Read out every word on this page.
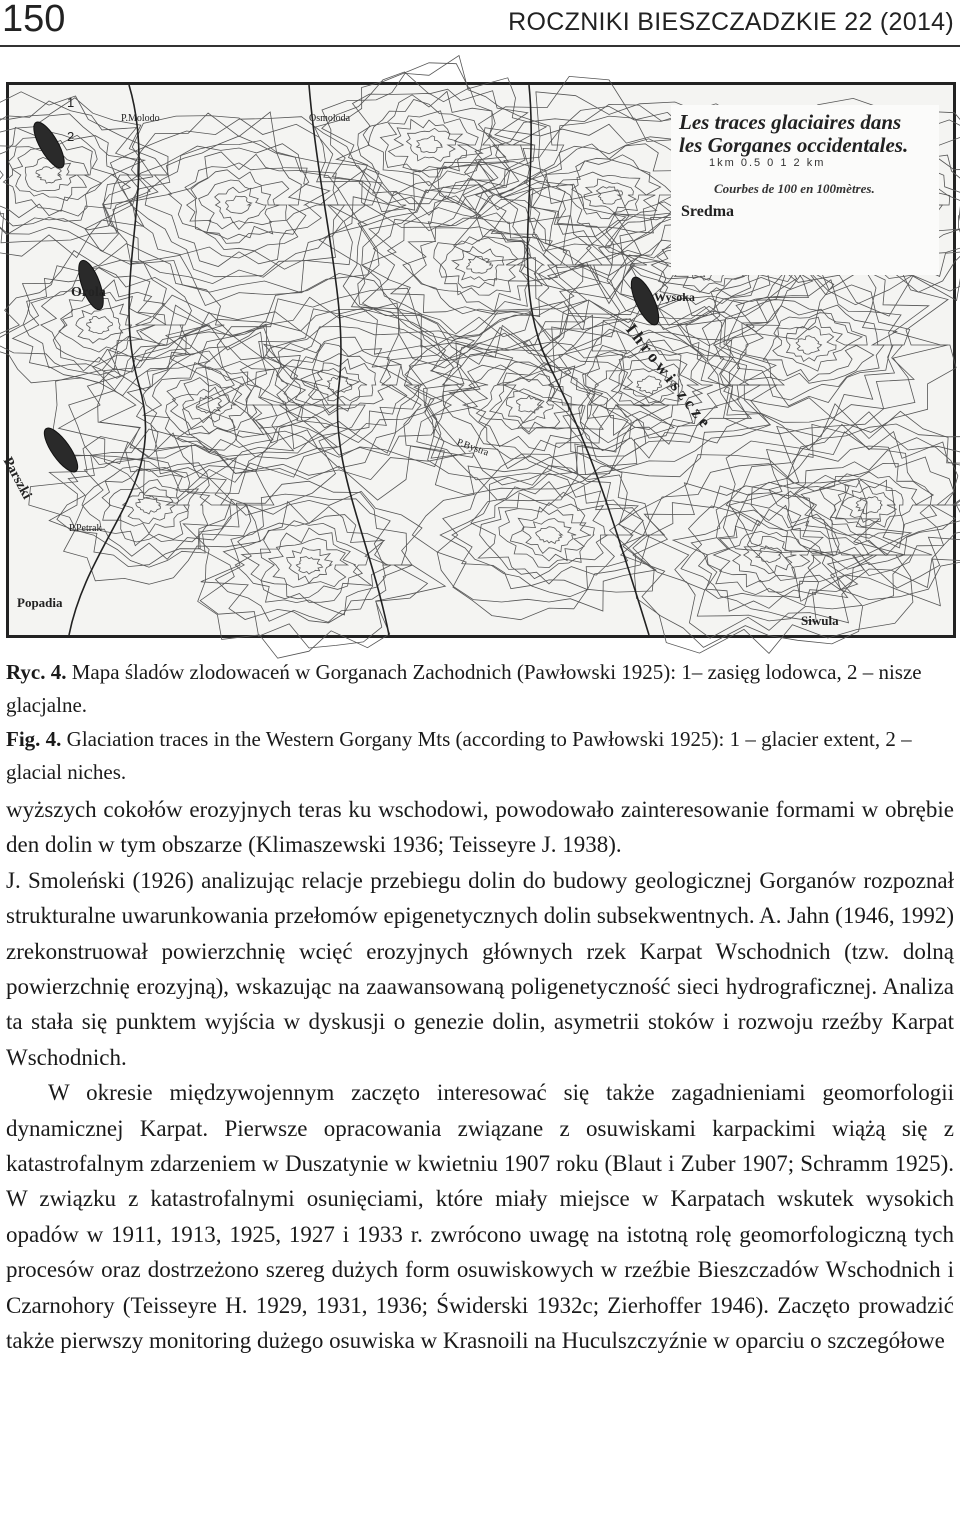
150	ROCZNIKI BIESZCZADZKIE 22 (2014)
Les traces glaciaires dans
les Gorganes occidentales.
1km 0.5 0 1 2 km
Courbes de 100 en 100mètres.
1
2
Sredma
Orola	Wysoka
Parszki
Popadia
Siwula
Ihrowiszcze
P.Molodo	Osmoloda
P.Bystra
P.Petrak
Ryc. 4. Mapa śladów zlodowaceń w Gorganach Zachodnich (Pawłowski 1925): 1– zasięg lodowca, 2 – nisze glacjalne.
Fig. 4. Glaciation traces in the Western Gorgany Mts (according to Pawłowski 1925): 1 – glacier extent, 2 – glacial niches.

wyższych cokołów erozyjnych teras ku wschodowi, powodowało zainteresowanie formami w obrębie den dolin w tym obszarze (Klimaszewski 1936; Teisseyre J. 1938).

J. Smoleński (1926) analizując relacje przebiegu dolin do budowy geologicznej Gorganów rozpoznał strukturalne uwarunkowania przełomów epigenetycznych dolin subsekwentnych. A. Jahn (1946, 1992) zrekonstruował powierzchnię wcięć erozyjnych głównych rzek Karpat Wschodnich (tzw. dolną powierzchnię erozyjną), wskazując na zaawansowaną poligenetyczność sieci hydrograficznej. Analiza ta stała się punktem wyjścia w dyskusji o genezie dolin, asymetrii stoków i rozwoju rzeźby Karpat Wschodnich.

W okresie międzywojennym zaczęto interesować się także zagadnieniami geomorfologii dynamicznej Karpat. Pierwsze opracowania związane z osuwiskami karpackimi wiążą się z katastrofalnym zdarzeniem w Duszatynie w kwietniu 1907 roku (Blaut i Zuber 1907; Schramm 1925). W związku z katastrofalnymi osunięciami, które miały miejsce w Karpatach wskutek wysokich opadów w 1911, 1913, 1925, 1927 i 1933 r. zwrócono uwagę na istotną rolę geomorfologiczną tych procesów oraz dostrzeżono szereg dużych form osuwiskowych w rzeźbie Bieszczadów Wschodnich i Czarnohory (Teisseyre H. 1929, 1931, 1936; Świderski 1932c; Zierhoffer 1946). Zaczęto prowadzić także pierwszy monitoring dużego osuwiska w Krasnoili na Huculszczyźnie w oparciu o szczegółowe
